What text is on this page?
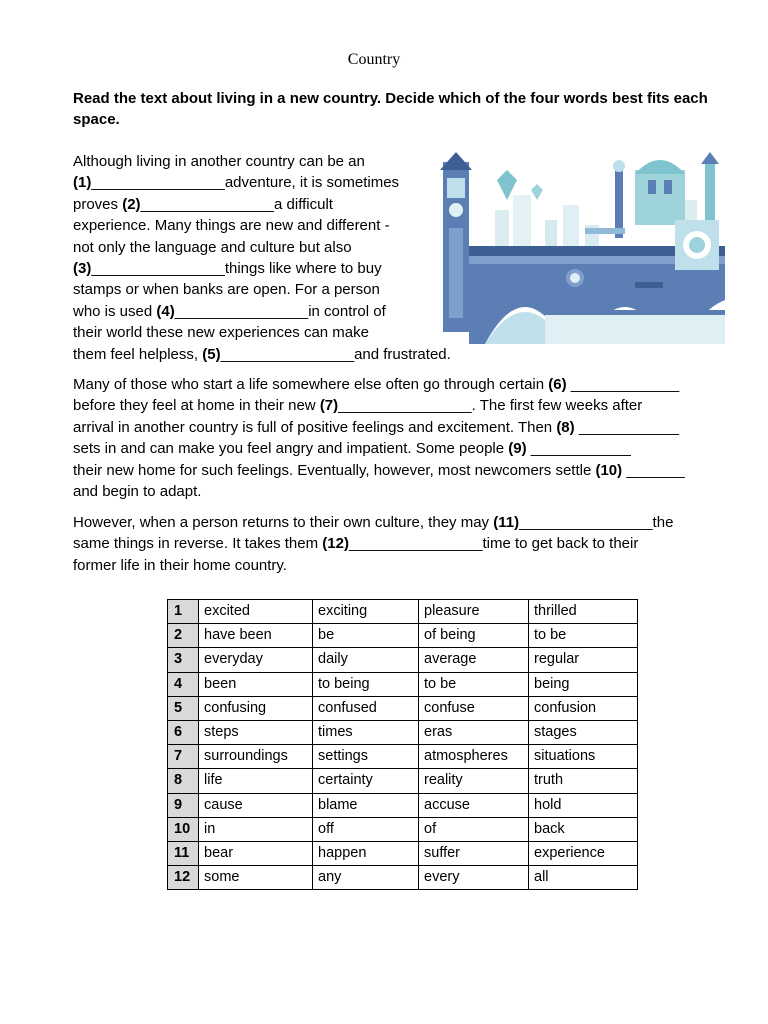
Country
Read the text about living in a new country. Decide which of the four words best fits each space.
Although living in another country can be an
(1)________________adventure, it is sometimes
proves (2)________________a difficult
experience. Many things are new and different -
not only the language and culture but also
(3)________________things like where to buy
stamps or when banks are open. For a person
who is used (4)________________in control of
their world these new experiences can make
them feel helpless, (5)________________and frustrated.
Many of those who start a life somewhere else often go through certain (6) _____________
before they feel at home in their new (7)________________. The first few weeks after
arrival in another country is full of positive feelings and excitement. Then (8) ____________
sets in and can make you feel angry and impatient. Some people (9) ____________
their new home for such feelings. Eventually, however, most newcomers settle (10) _______
and begin to adapt.
However, when a person returns to their own culture, they may (11)________________the
same things in reverse. It takes them (12)________________time to get back to their
former life in their home country.
1	excited	exciting	pleasure	thrilled
2	have been	be	of being	to be
3	everyday	daily	average	regular
4	been	to being	to be	being
5	confusing	confused	confuse	confusion
6	steps	times	eras	stages
7	surroundings	settings	atmospheres	situations
8	life	certainty	reality	truth
9	cause	blame	accuse	hold
10	in	off	of	back
11	bear	happen	suffer	experience
12	some	any	every	all
